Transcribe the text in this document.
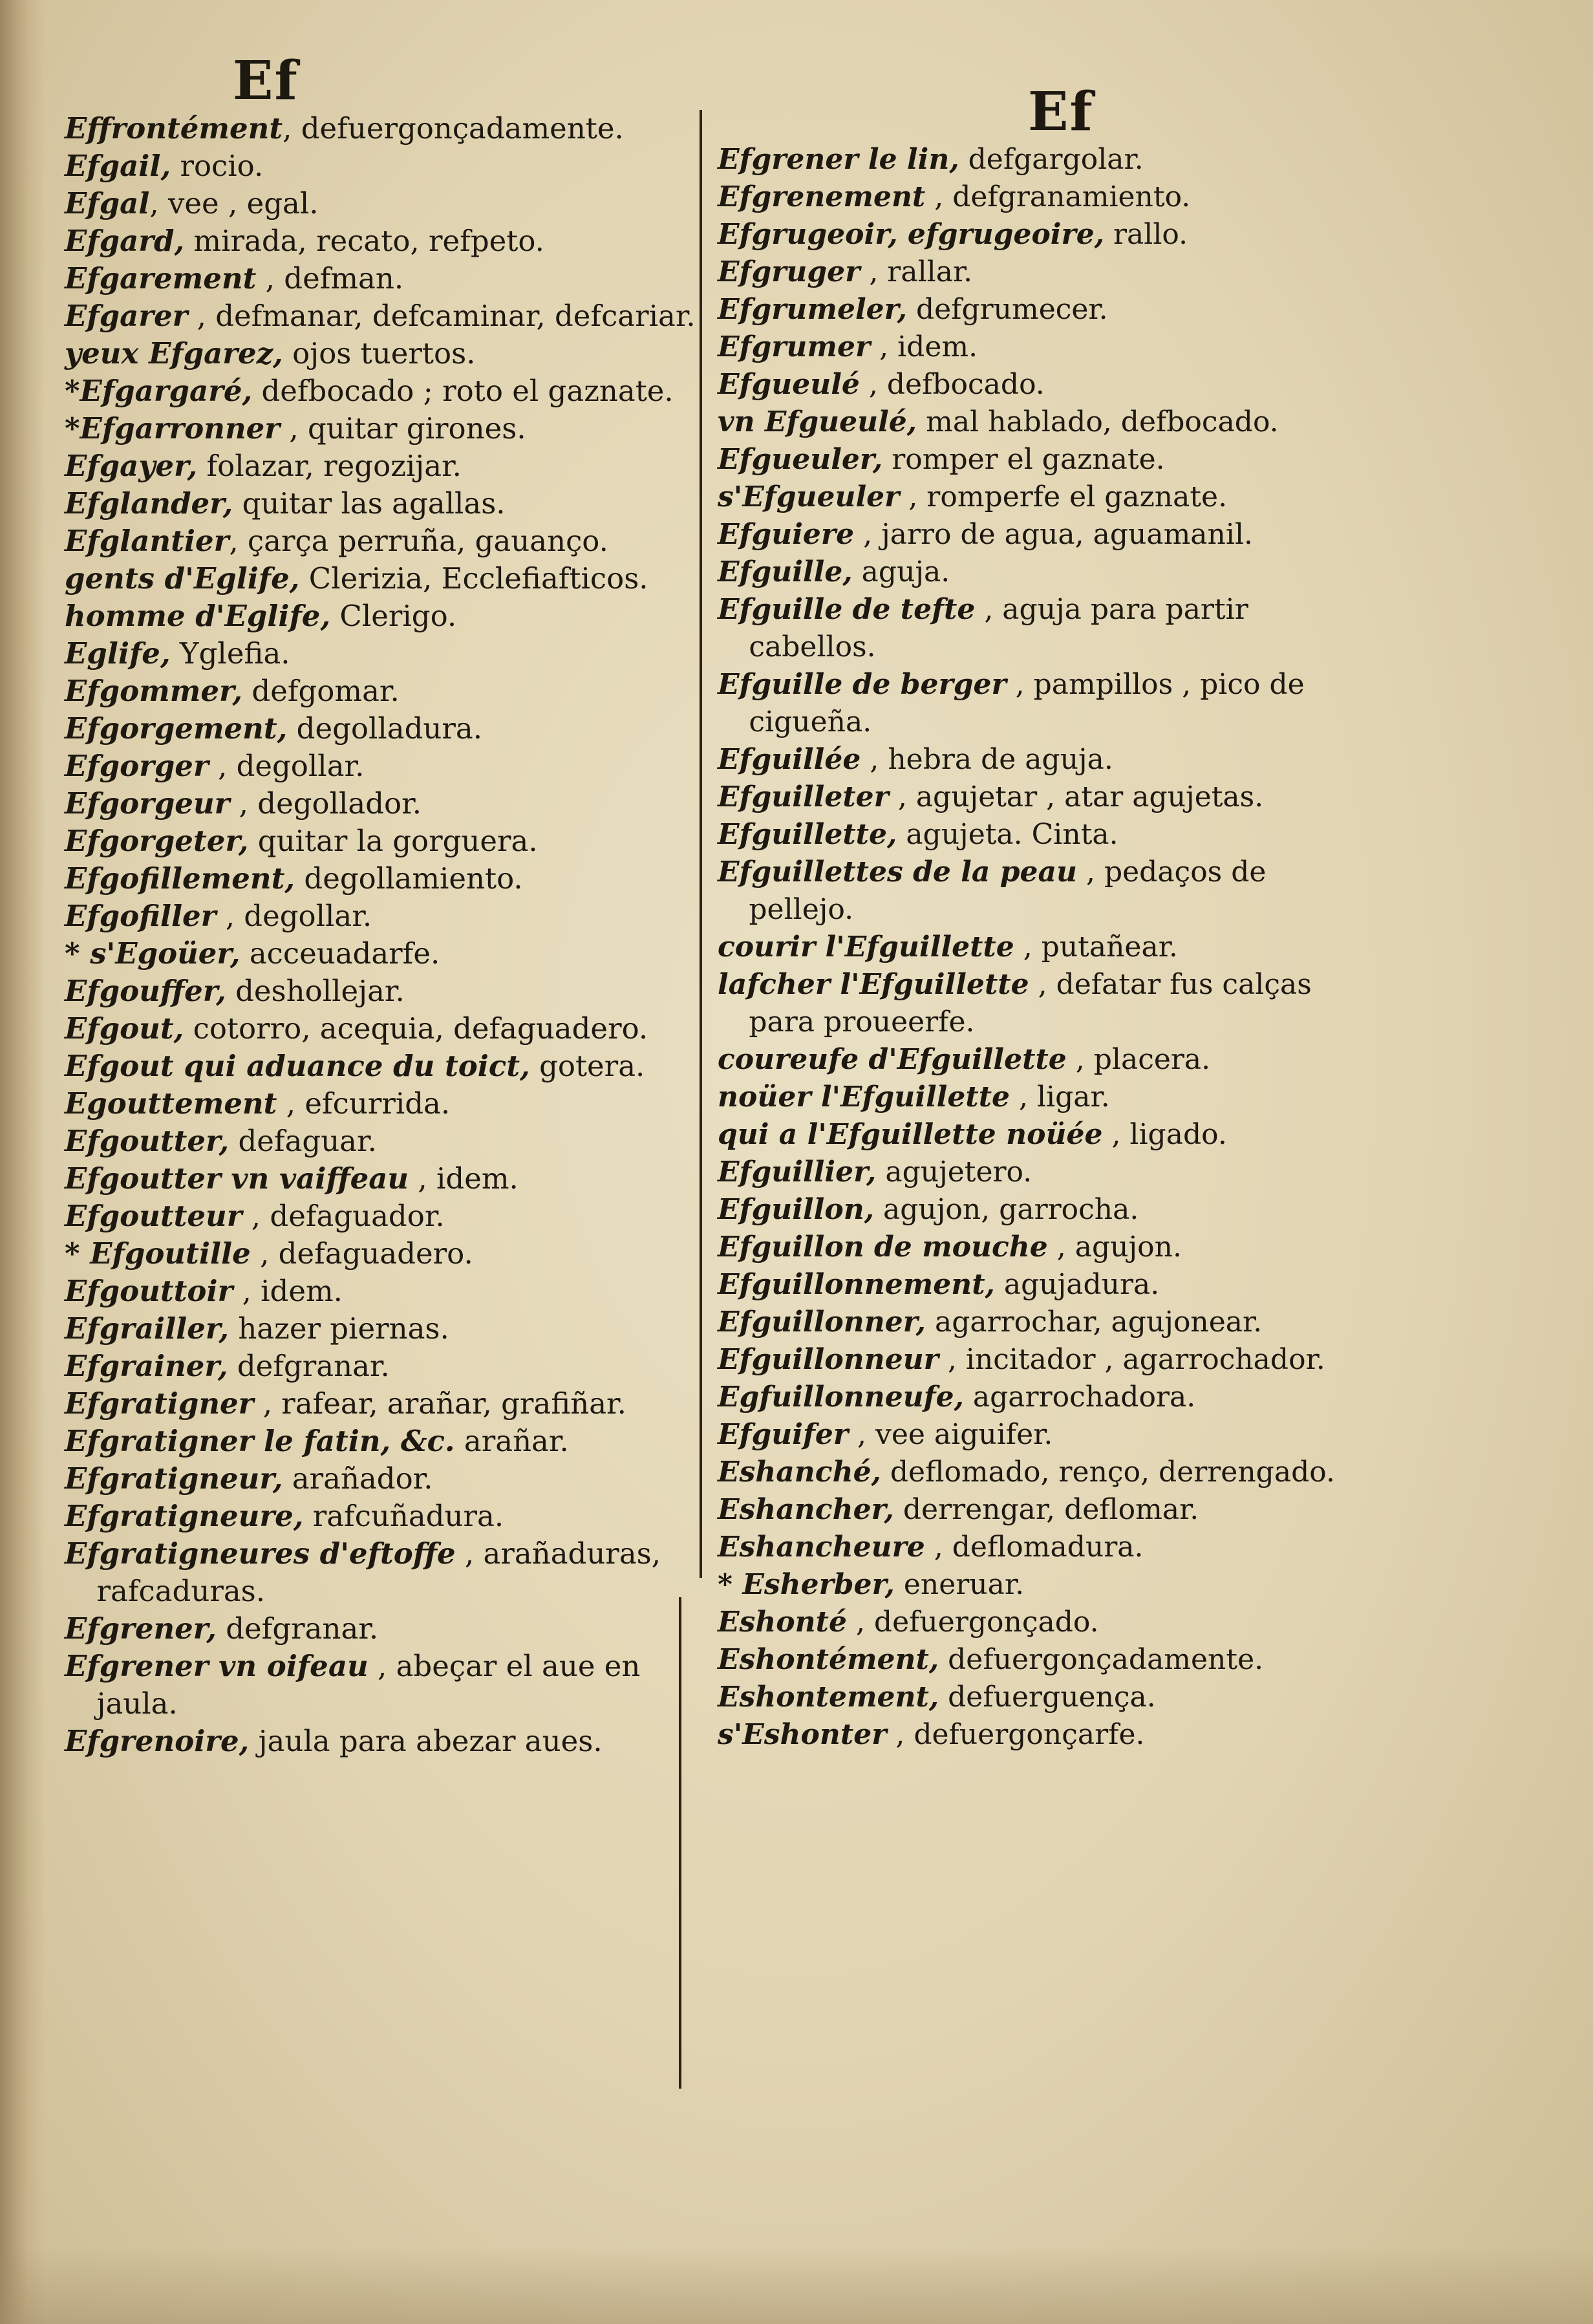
Ef
Effrontément, defuergonçadamente.
Efgail, rocio.
Efgal, vee , egal.
Efgard, mirada, recato, refpeto.
Efgarement , defman.
Efgarer , defmanar, defcaminar, defcariar.
yeux Efgarez, ojos tuertos.
*Efgargaré, defbocado ; roto el gaznate.
*Efgarronner , quitar girones.
Efgayer, folazar, regozijar.
Efglander, quitar las agallas.
Efglantier, çarça perruña, gauanço.
gents d'Eglife, Clerizia, Ecclefiafticos.
homme d'Eglife, Clerigo.
Eglife, Yglefia.
Efgommer, defgomar.
Efgorgement, degolladura.
Efgorger , degollar.
Efgorgeur , degollador.
Efgorgeter, quitar la gorguera.
Efgofillement, degollamiento.
Efgofiller , degollar.
* s'Egoüer, acceuadarfe.
Efgouffer, deshollejar.
Efgout, cotorro, acequia, defaguadero.
Efgout qui aduance du toict, gotera.
Egouttement , efcurrida.
Efgoutter, defaguar.
Efgoutter vn vaiffeau , idem.
Efgoutteur , defaguador.
* Efgoutille , defaguadero.
Efgouttoir , idem.
Efgrailler, hazer piernas.
Efgrainer, defgranar.
Efgratigner , rafear, arañar, grafiñar.
Efgratigner le fatin, &c. arañar.
Efgratigneur, arañador.
Efgratigneure, rafcuñadura.
Efgratigneures d'eftoffe , arañaduras, rafcaduras.
Efgrener, defgranar.
Efgrener vn oifeau , abeçar el aue en jaula.
Efgrenoire, jaula para abezar aues.
Ef
Efgrener le lin, defgargolar.
Efgrenement , defgranamiento.
Efgrugeoir, efgrugeoire, rallo.
Efgruger , rallar.
Efgrumeler, defgrumecer.
Efgrumer , idem.
Efgueulé , defbocado.
vn Efgueulé, mal hablado, defbocado.
Efgueuler, romper el gaznate.
s'Efgueuler , romperfe el gaznate.
Efguiere , jarro de agua, aguamanil.
Efguille, aguja.
Efguille de tefte , aguja para partir cabellos.
Efguille de berger , pampillos , pico de cigueña.
Efguillée , hebra de aguja.
Efguilleter , agujetar , atar agujetas.
Efguillette, agujeta. Cinta.
Efguillettes de la peau , pedaços de pellejo.
courir l'Efguillette , putañear.
lafcher l'Efguillette , defatar fus calças para proueerfe.
coureufe d'Efguillette , placera.
noüer l'Efguillette , ligar.
qui a l'Efguillette noüée , ligado.
Efguillier, agujetero.
Efguillon, agujon, garrocha.
Efguillon de mouche , agujon.
Efguillonnement, agujadura.
Efguillonner, agarrochar, agujonear.
Efguillonneur , incitador , agarrochador.
Egfuillonneufe, agarrochadora.
Efguifer , vee aiguifer.
Eshanché, deflomado, renço, derrengado.
Eshancher, derrengar, deflomar.
Eshancheure , deflomadura.
* Esherber, eneruar.
Eshonté , defuergonçado.
Eshontément, defuergonçadamente.
Eshontement, defuerguença.
s'Eshonter , defuergonçarfe.
